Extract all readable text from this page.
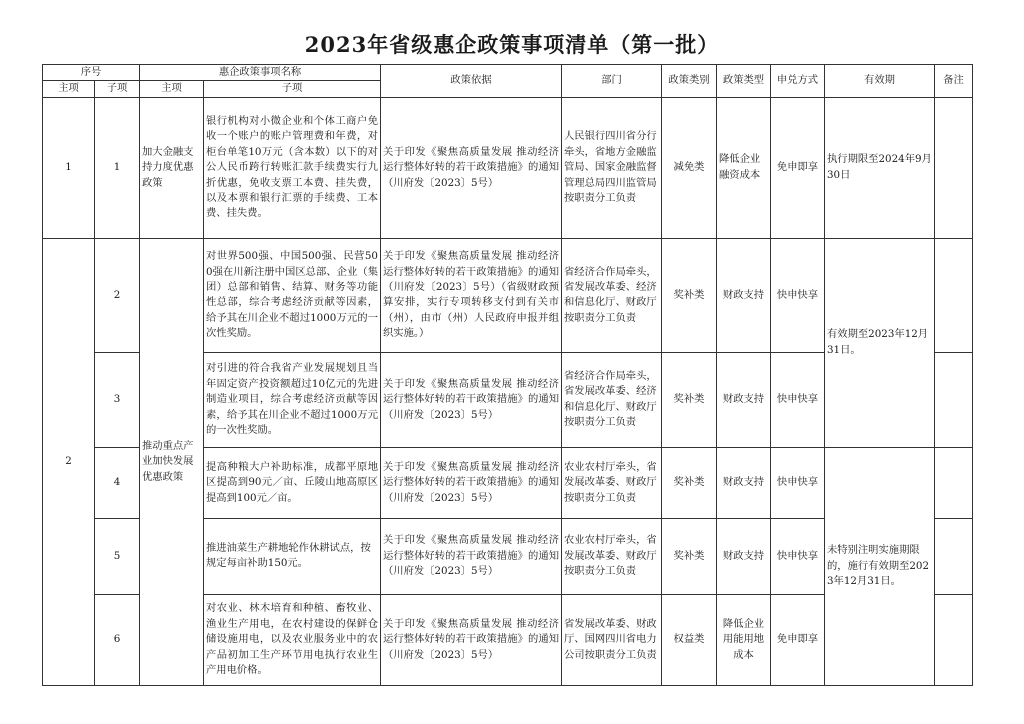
2023年省级惠企政策事项清单（第一批）
序号		惠企政策事项名称		政策依据	部门	政策类别	政策类型	申兑方式	有效期	备注
主项	子项	主项	子项							
1	1	加大金融支持力度优惠政策	银行机构对小微企业和个体工商户免收一个账户的账户管理费和年费，对柜台单笔10万元（含本数）以下的对公人民币跨行转账汇款手续费实行九折优惠，免收支票工本费、挂失费，以及本票和银行汇票的手续费、工本费、挂失费。	关于印发《聚焦高质量发展 推动经济运行整体好转的若干政策措施》的通知（川府发〔2023〕5号）	人民银行四川省分行牵头，省地方金融监管局、国家金融监督管理总局四川监管局按职责分工负责	减免类	降低企业融资成本	免申即享	执行期限至2024年9月30日	
2	2	推动重点产业加快发展优惠政策	对世界500强、中国500强、民营500强在川新注册中国区总部、企业（集团）总部和销售、结算、财务等功能性总部，综合考虑经济贡献等因素，给予其在川企业不超过1000万元的一次性奖励。	关于印发《聚焦高质量发展 推动经济运行整体好转的若干政策措施》的通知（川府发〔2023〕5号）（省级财政预算安排，实行专项转移支付到有关市（州），由市（州）人民政府申报并组织实施。）	省经济合作局牵头，省发展改革委、经济和信息化厅、财政厅按职责分工负责	奖补类	财政支持	快申快享	有效期至2023年12月31日。	
	3		对引进的符合我省产业发展规划且当年固定资产投资额超过10亿元的先进制造业项目，综合考虑经济贡献等因素，给予其在川企业不超过1000万元的一次性奖励。	关于印发《聚焦高质量发展 推动经济运行整体好转的若干政策措施》的通知（川府发〔2023〕5号）	省经济合作局牵头，省发展改革委、经济和信息化厅、财政厅按职责分工负责	奖补类	财政支持	快申快享		
	4		提高种粮大户补助标准，成都平原地区提高到90元／亩、丘陵山地高原区提高到100元／亩。	关于印发《聚焦高质量发展 推动经济运行整体好转的若干政策措施》的通知（川府发〔2023〕5号）	农业农村厅牵头，省发展改革委、财政厅按职责分工负责	奖补类	财政支持	快申快享	未特别注明实施期限的，施行有效期至2023年12月31日。	
	5		推进油菜生产耕地轮作休耕试点，按规定每亩补助150元。	关于印发《聚焦高质量发展 推动经济运行整体好转的若干政策措施》的通知（川府发〔2023〕5号）	农业农村厅牵头，省发展改革委、财政厅按职责分工负责	奖补类	财政支持	快申快享		
	6		对农业、林木培育和种植、畜牧业、渔业生产用电，在农村建设的保鲜仓储设施用电，以及农业服务业中的农产品初加工生产环节用电执行农业生产用电价格。	关于印发《聚焦高质量发展 推动经济运行整体好转的若干政策措施》的通知（川府发〔2023〕5号）	省发展改革委、财政厅、国网四川省电力公司按职责分工负责	权益类	降低企业用能用地成本	免申即享		
